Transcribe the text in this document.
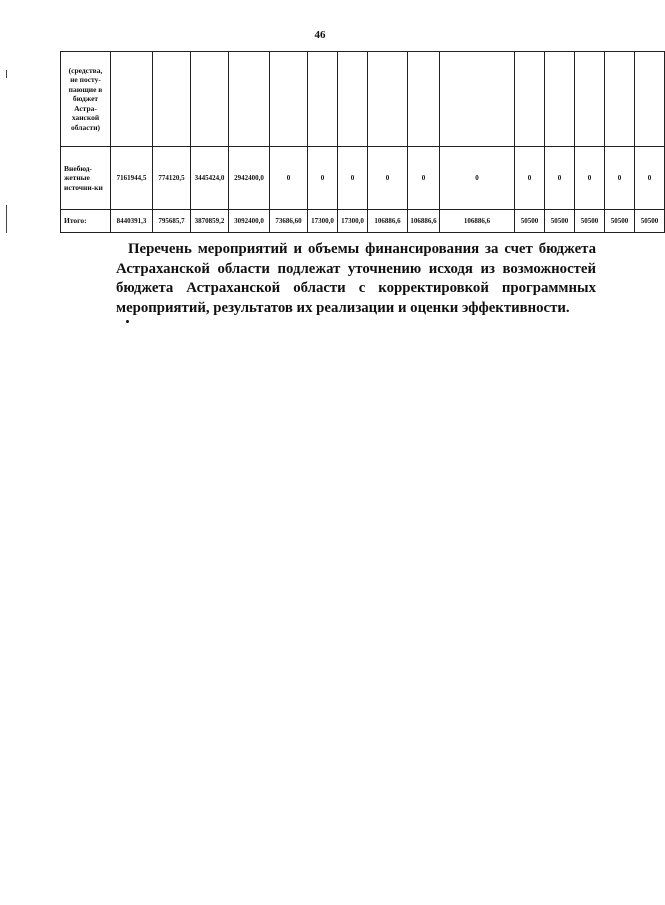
46
(средства, не посту-пающие в бюджет Астра-ханской области)															
Внебюд-жетные источни-ки	7161944,5	774120,5	3445424,0	2942400,0	0	0	0	0	0	0	0	0	0	0	0
Итого:	8440391,3	795685,7	3870859,2	3092400,0	73686,60	17300,0	17300,0	106886,6	106886,6	106886,6	50500	50500	50500	50500	50500
Перечень мероприятий и объемы финансирования за счет бюджета Астраханской области подлежат уточнению исходя из возможностей бюджета Астраханской области с корректировкой программных мероприятий, результатов их реализации и оценки эффективности.
